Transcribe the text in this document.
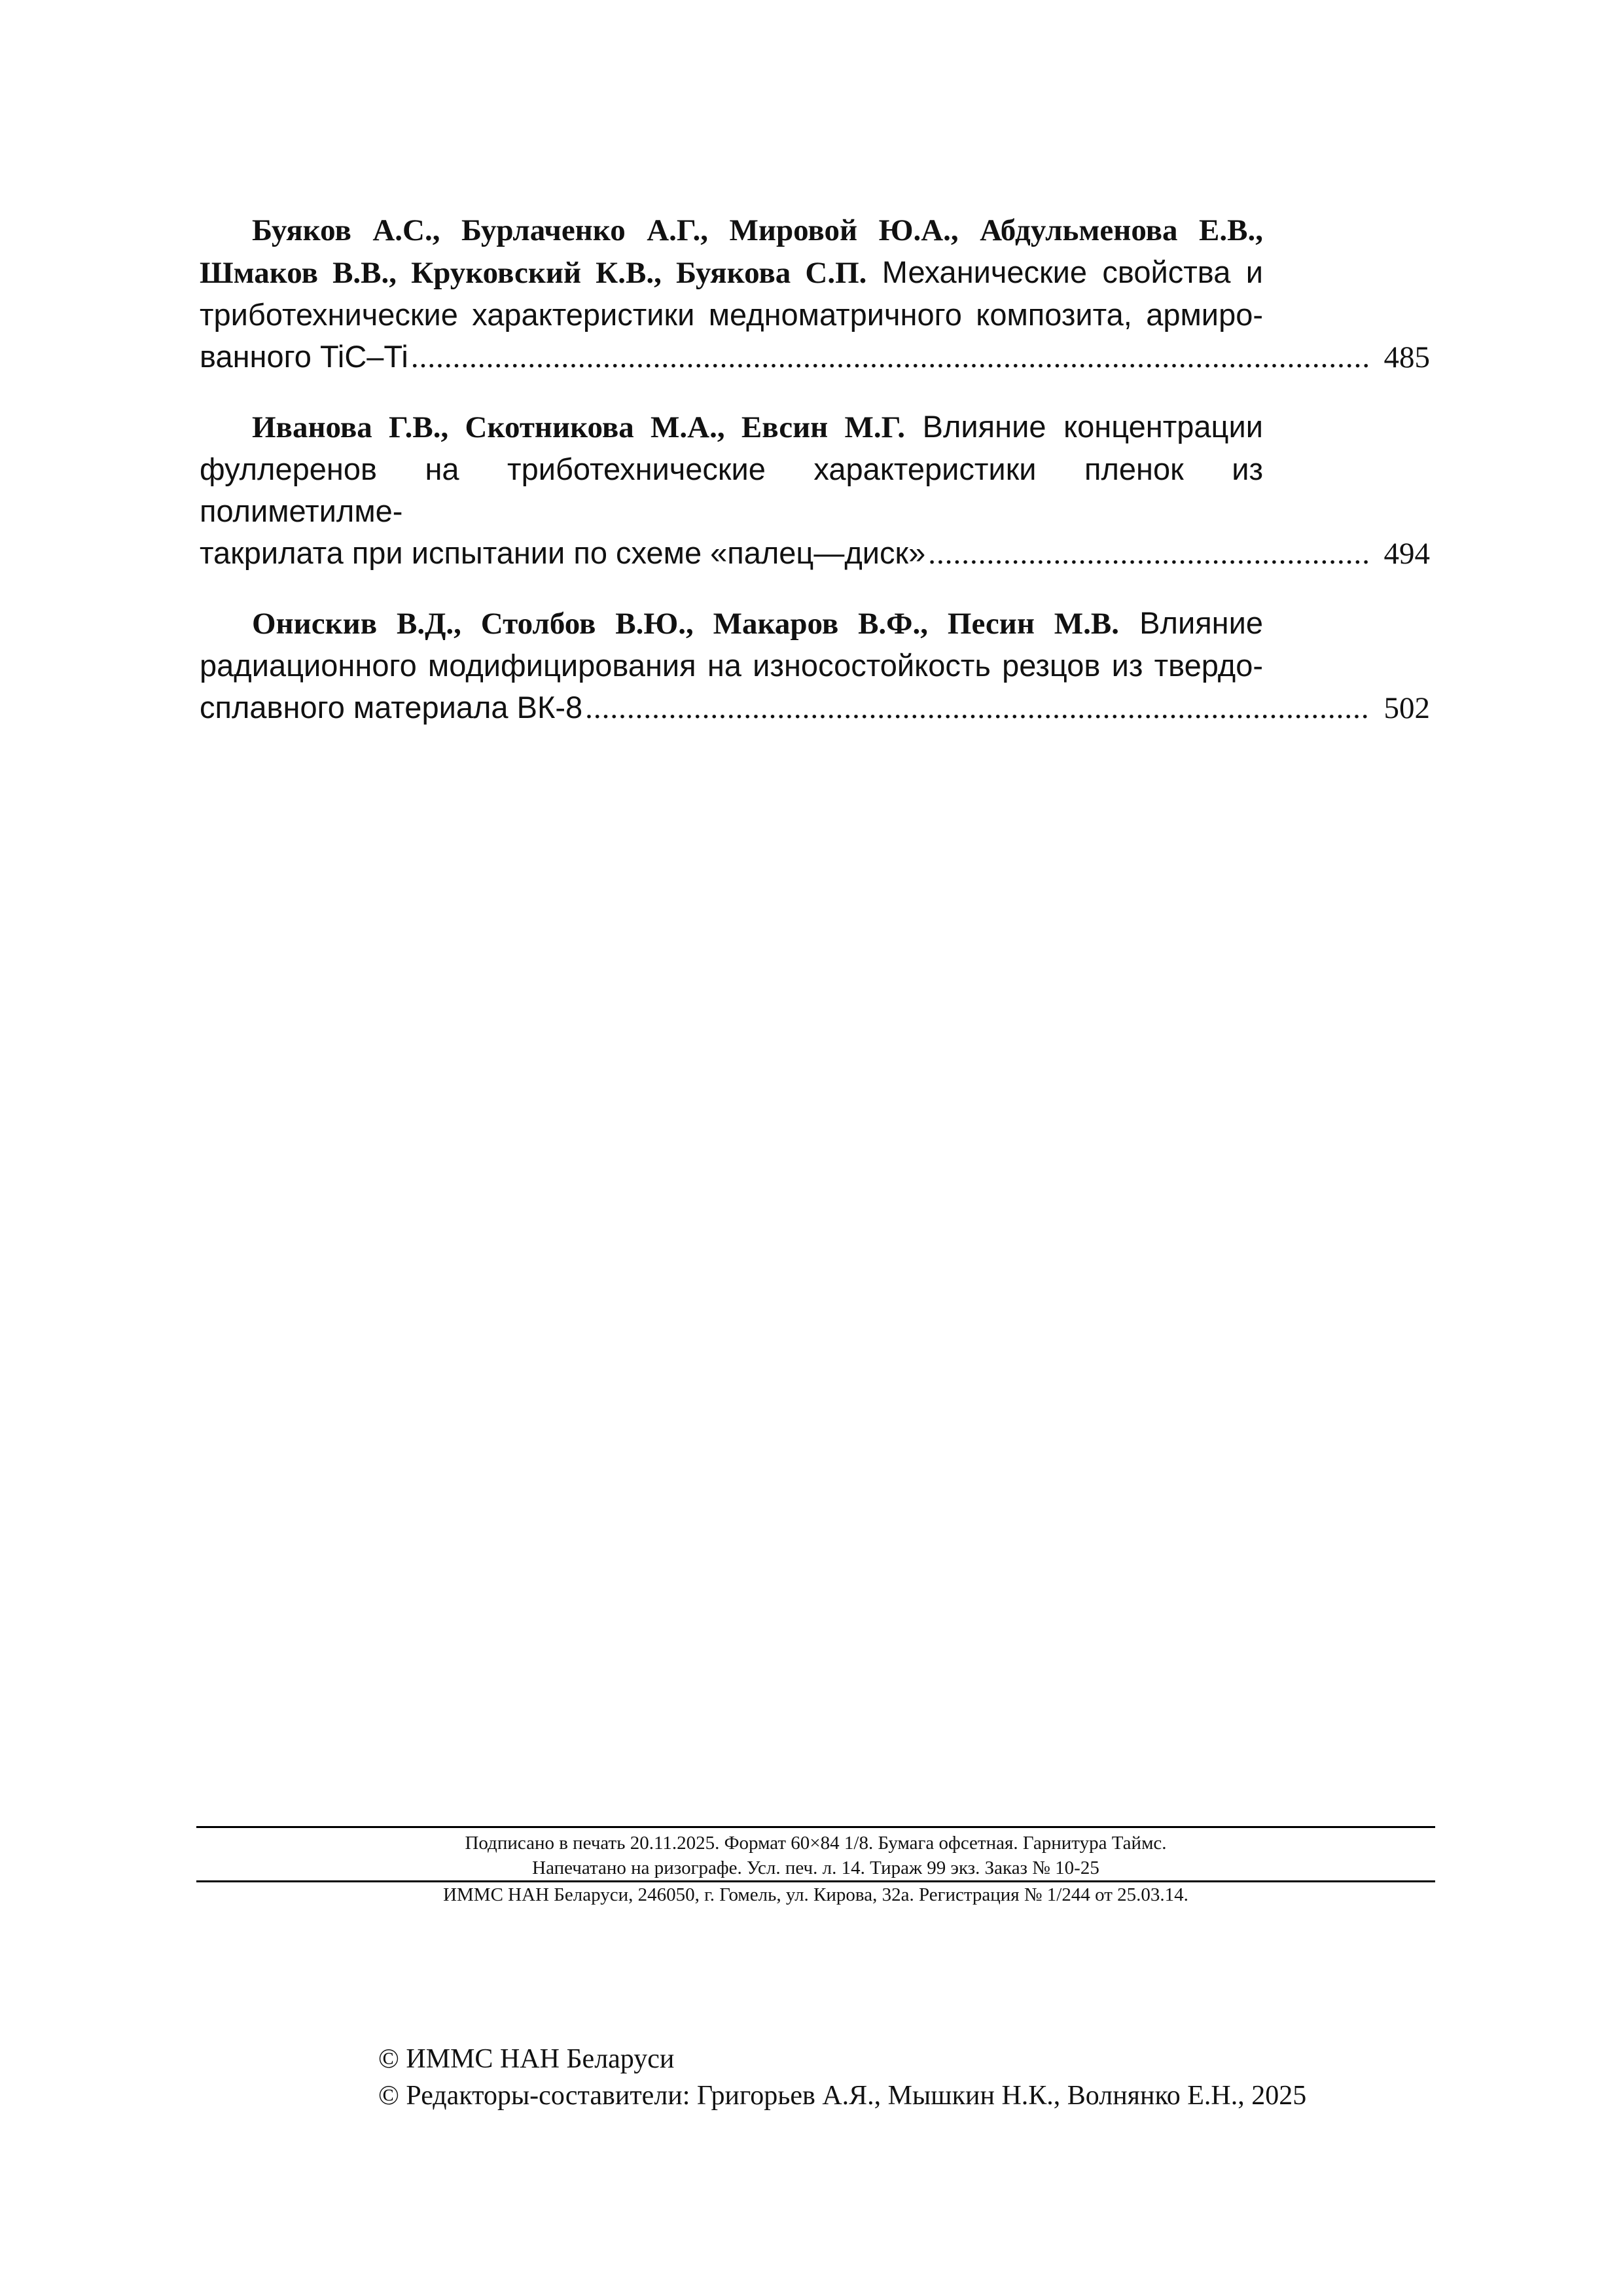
Буяков А.С., Бурлаченко А.Г., Мировой Ю.А., Абдульменова Е.В.,
Шмаков В.В., Круковский К.В., Буякова С.П. Механические свойства и
триботехнические характеристики медноматричного композита, армиро-
ванного TiC–Ti .....	485
Иванова Г.В., Скотникова М.А., Евсин М.Г. Влияние концентрации
фуллеренов на триботехнические характеристики пленок из полиметилме-
такрилата при испытании по схеме «палец—диск» .....	494
Онискив В.Д., Столбов В.Ю., Макаров В.Ф., Песин М.В. Влияние
радиационного модифицирования на износостойкость резцов из твердо-
сплавного материала ВК-8 .....	502
Подписано в печать 20.11.2025. Формат 60×84 1/8. Бумага офсетная. Гарнитура Таймс.
Напечатано на ризографе. Усл. печ. л. 14. Тираж 99 экз. Заказ № 10-25
ИММС НАН Беларуси, 246050, г. Гомель, ул. Кирова, 32а. Регистрация № 1/244 от 25.03.14.
© ИММС НАН Беларуси
© Редакторы-составители: Григорьев А.Я., Мышкин Н.К., Волнянко Е.Н., 2025
